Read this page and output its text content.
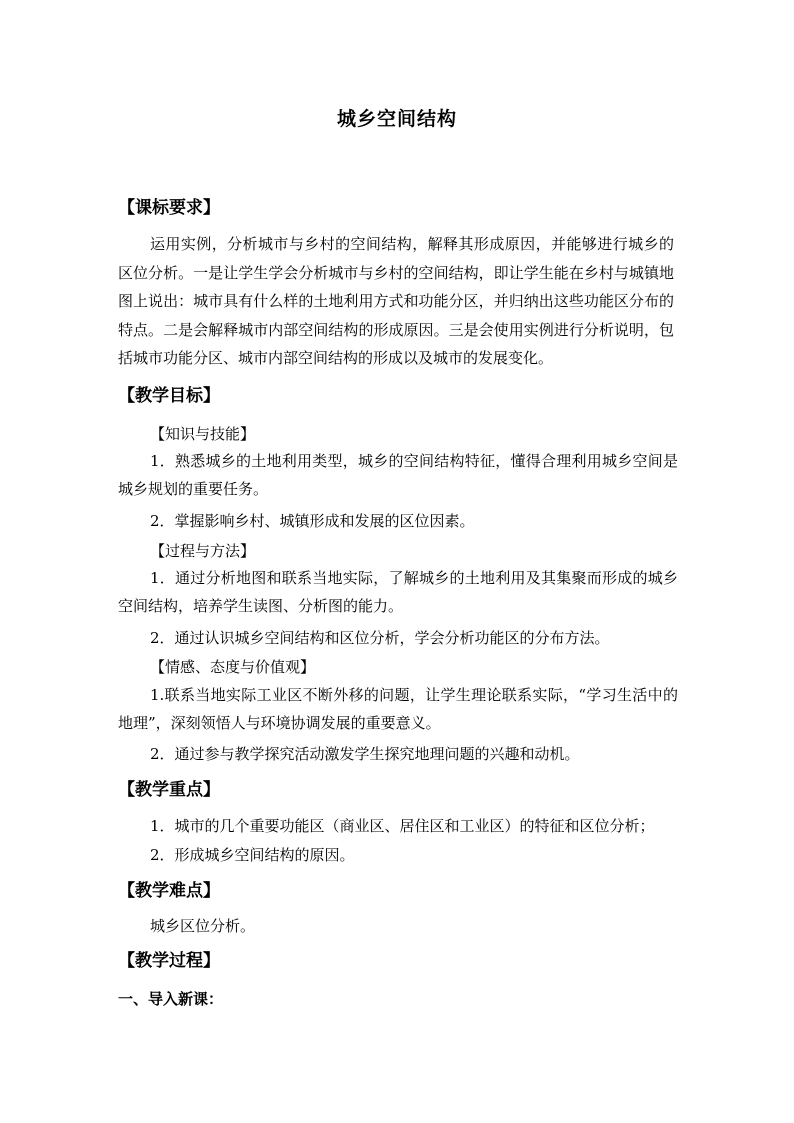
城乡空间结构
【课标要求】
运用实例，分析城市与乡村的空间结构，解释其形成原因，并能够进行城乡的区位分析。一是让学生学会分析城市与乡村的空间结构，即让学生能在乡村与城镇地图上说出：城市具有什么样的土地利用方式和功能分区，并归纳出这些功能区分布的特点。二是会解释城市内部空间结构的形成原因。三是会使用实例进行分析说明，包括城市功能分区、城市内部空间结构的形成以及城市的发展变化。
【教学目标】
【知识与技能】
1．熟悉城乡的土地利用类型，城乡的空间结构特征，懂得合理利用城乡空间是城乡规划的重要任务。
2．掌握影响乡村、城镇形成和发展的区位因素。
【过程与方法】
1．通过分析地图和联系当地实际，了解城乡的土地利用及其集聚而形成的城乡空间结构，培养学生读图、分析图的能力。
2．通过认识城乡空间结构和区位分析，学会分析功能区的分布方法。
【情感、态度与价值观】
1.联系当地实际工业区不断外移的问题，让学生理论联系实际，“学习生活中的地理”，深刻领悟人与环境协调发展的重要意义。
2．通过参与教学探究活动激发学生探究地理问题的兴趣和动机。
【教学重点】
1．城市的几个重要功能区（商业区、居住区和工业区）的特征和区位分析；
2．形成城乡空间结构的原因。
【教学难点】
城乡区位分析。
【教学过程】
一、导入新课：
